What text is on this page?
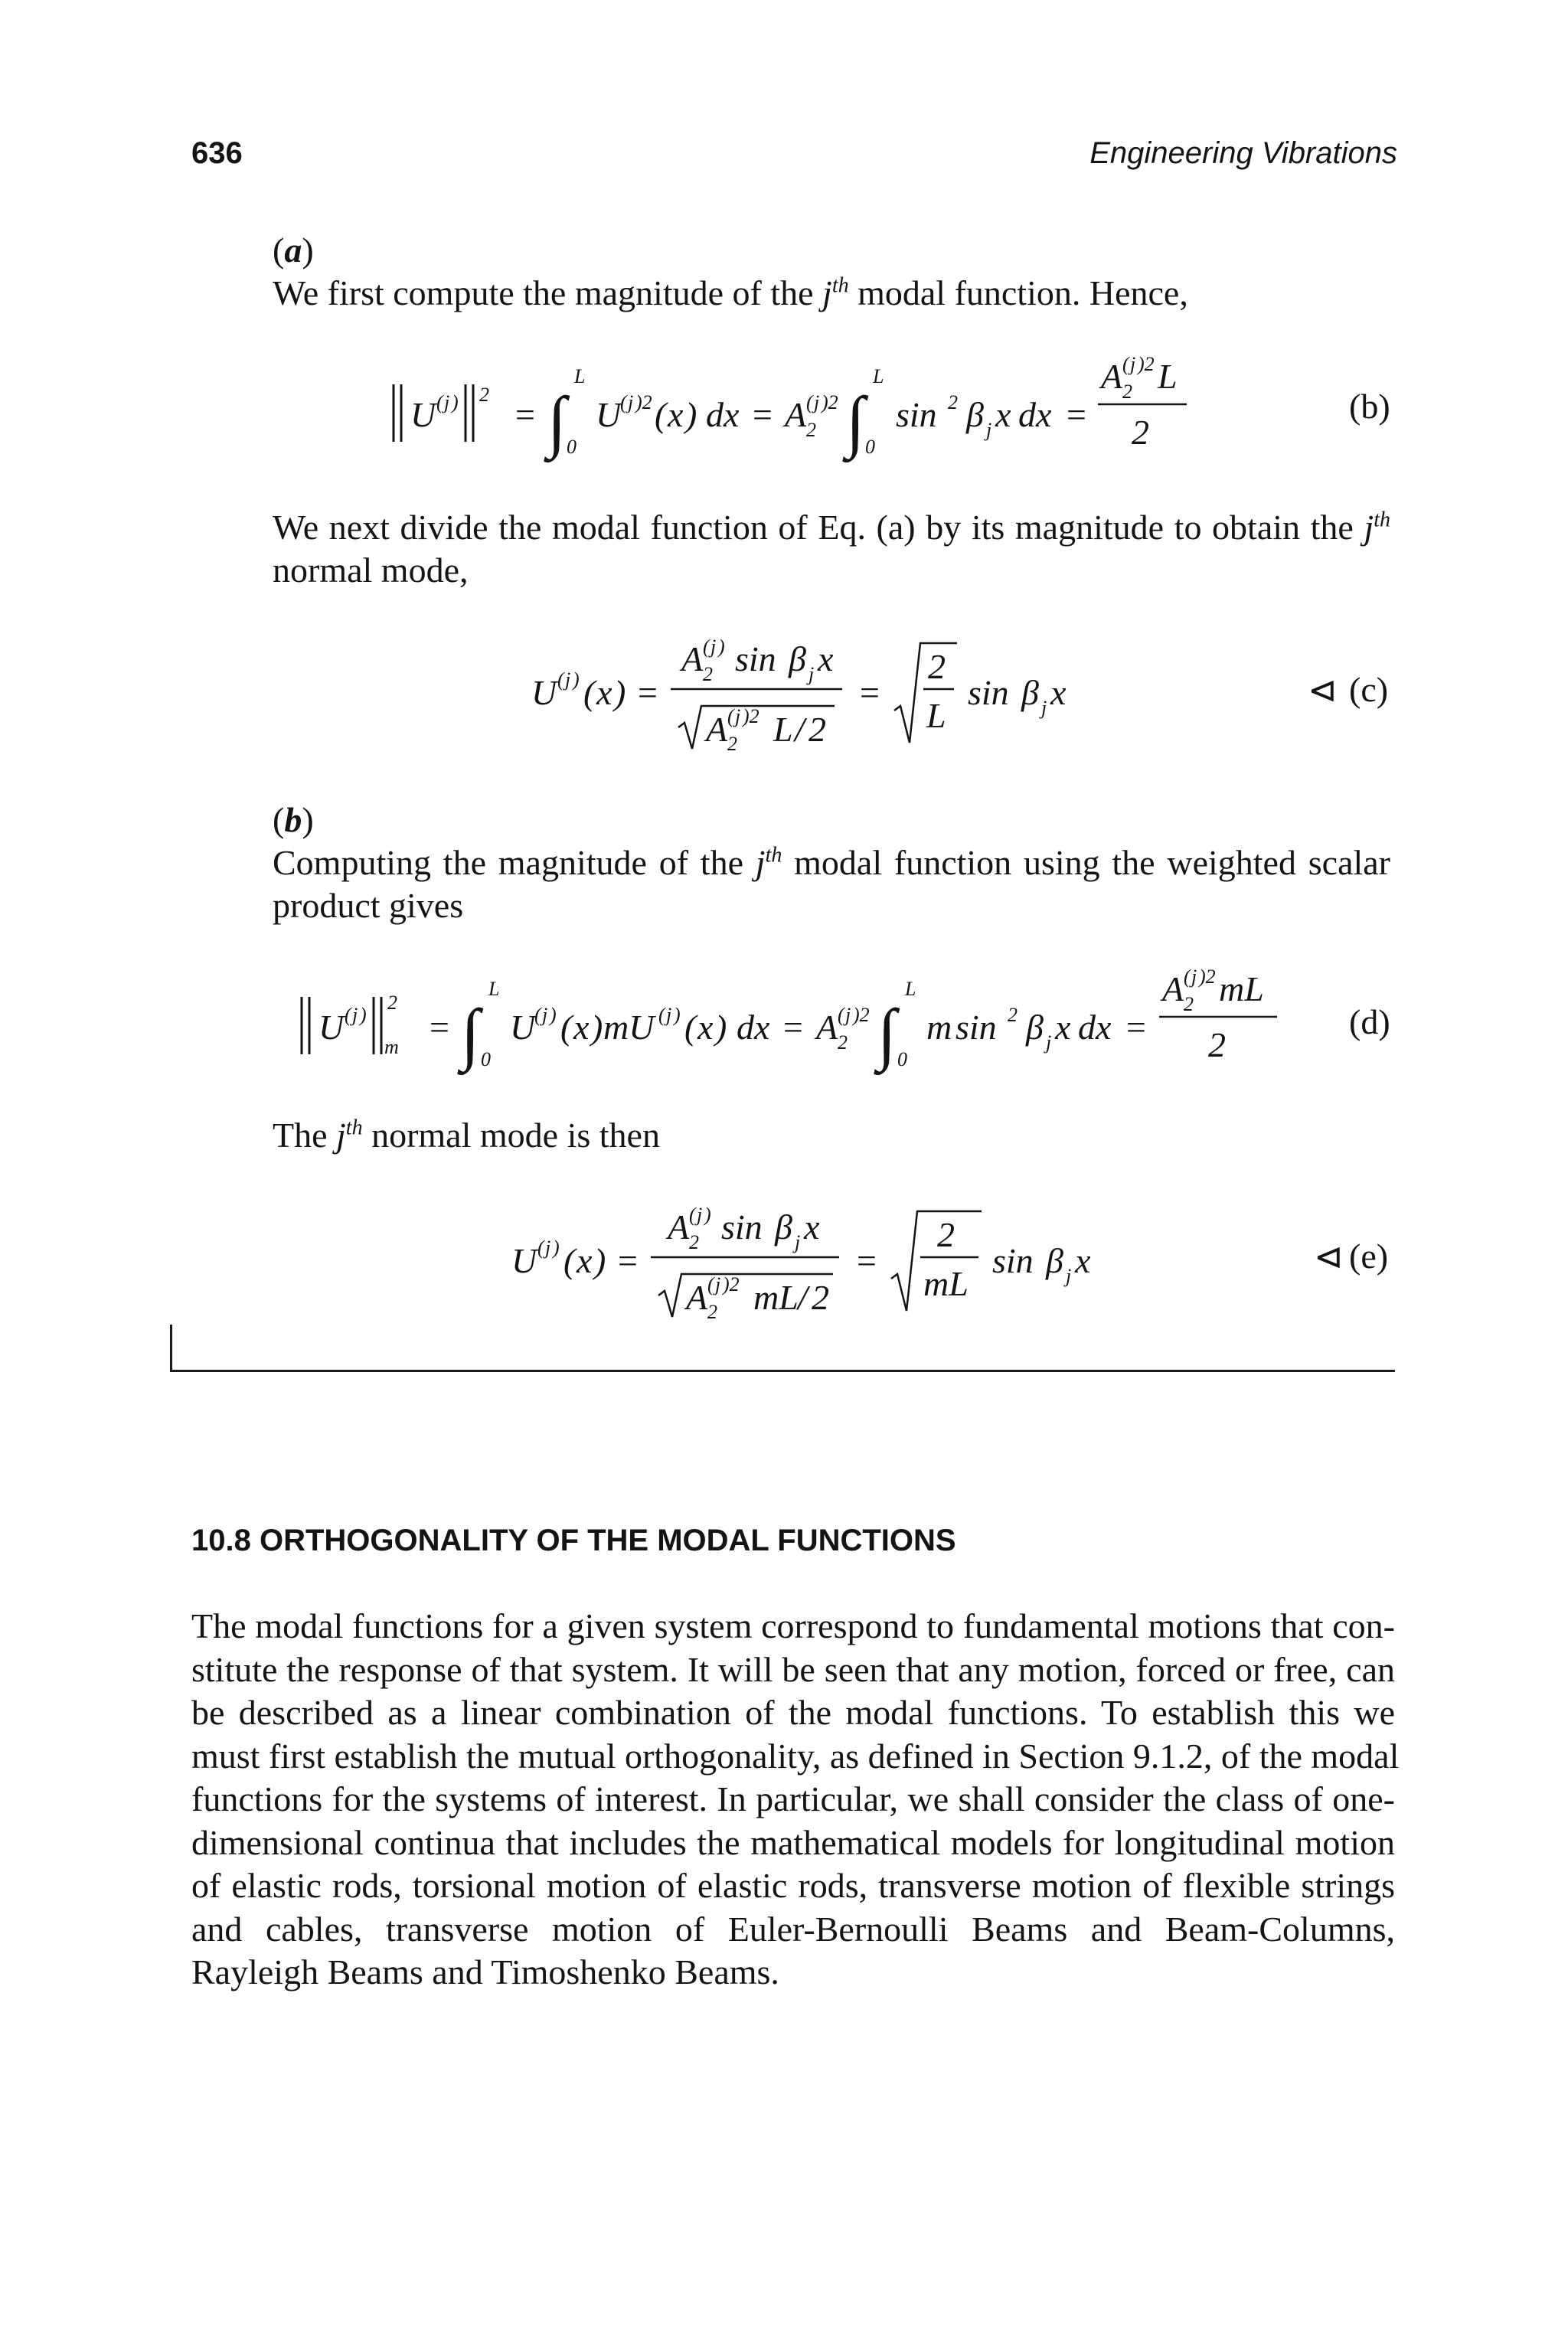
636	Engineering Vibrations
(a)
We first compute the magnitude of the $j^{th}$ modal function. Hence,
U ( j ) 2
= ∫
L
0
U
( j )2 ( x ) dx = A 2
( j )2 ∫
L
0
sin 2 β j x dx =
A 2
( j )2 L
2
(b)
We next divide the modal function of Eq. (a) by its magnitude to obtain the $j^{th}$
normal mode,
U ( j ) ( x ) =
A 2
( j ) sin β j x
A 2
( j )2 L / 2
=
2
L
sin β j x	⊲ (c)
(b)
Computing the magnitude of the $j^{th}$ modal function using the weighted scalar
product gives
U ( j )
2
m
= ∫
L
0
U
( j ) ( x ) mU ( j ) ( x ) dx = A 2
( j )2 ∫
L
0
m sin 2 β j x dx =
A 2
( j )2 mL
2
(d)
The $j^{th}$ normal mode is then
U ( j ) ( x ) =
A 2
( j ) sin β j x
A 2
( j )2 mL / 2
=
2
mL
sin β j x	⊲ (e)
10.8 ORTHOGONALITY OF THE MODAL FUNCTIONS
The modal functions for a given system correspond to fundamental motions that con-
stitute the response of that system. It will be seen that any motion, forced or free, can
be described as a linear combination of the modal functions. To establish this we
must first establish the mutual orthogonality, as defined in Section 9.1.2, of the modal
functions for the systems of interest. In particular, we shall consider the class of one-
dimensional continua that includes the mathematical models for longitudinal motion
of elastic rods, torsional motion of elastic rods, transverse motion of flexible strings
and cables, transverse motion of Euler-Bernoulli Beams and Beam-Columns,
Rayleigh Beams and Timoshenko Beams.
